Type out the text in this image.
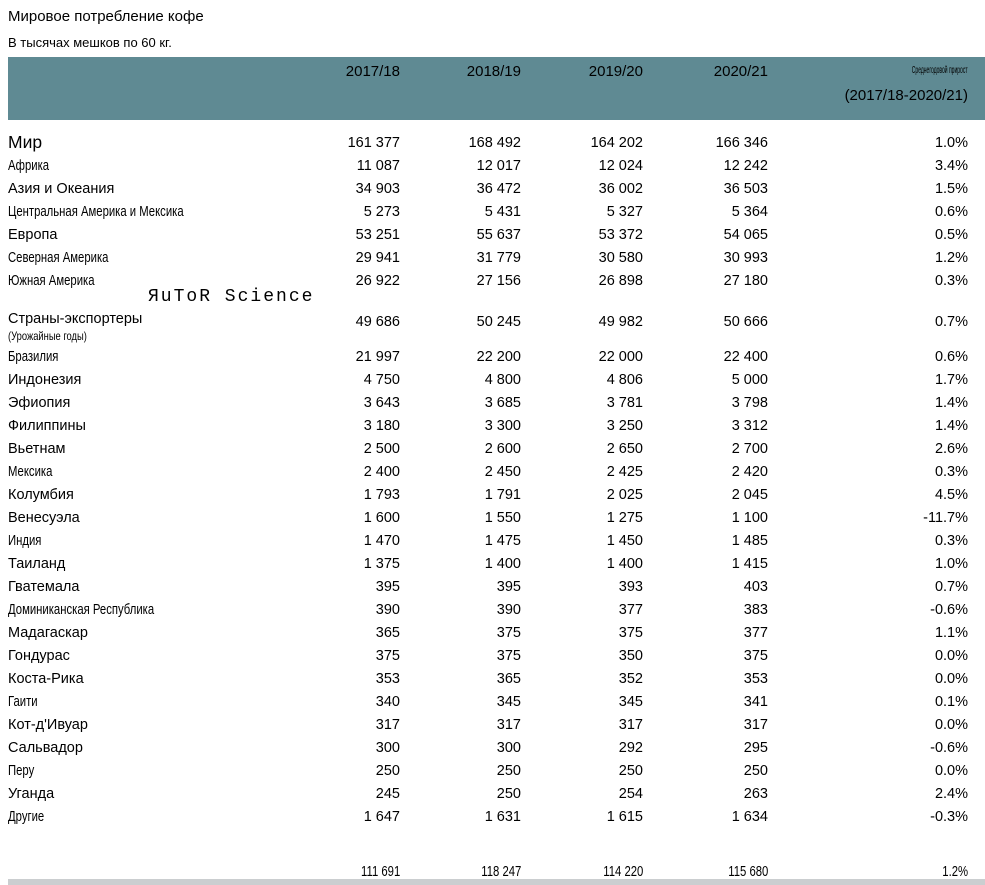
Мировое потребление кофе
В тысячах мешков по 60 кг.
2017/18	2018/19	2019/20	2020/21	Среднегодовой прирост
(2017/18-2020/21)
ЯuToR Science
Мир	161 377	168 492	164 202	166 346	1.0%
Африка	11 087	12 017	12 024	12 242	3.4%
Азия и Океания	34 903	36 472	36 002	36 503	1.5%
Центральная Америка и Мексика	5 273	5 431	5 327	5 364	0.6%
Европа	53 251	55 637	53 372	54 065	0.5%
Северная Америка	29 941	31 779	30 580	30 993	1.2%
Южная Америка	26 922	27 156	26 898	27 180	0.3%
Страны-экспортеры
(Урожайные годы)
49 686	50 245	49 982	50 666	0.7%
Бразилия	21 997	22 200	22 000	22 400	0.6%
Индонезия	4 750	4 800	4 806	5 000	1.7%
Эфиопия	3 643	3 685	3 781	3 798	1.4%
Филиппины	3 180	3 300	3 250	3 312	1.4%
Вьетнам	2 500	2 600	2 650	2 700	2.6%
Мексика	2 400	2 450	2 425	2 420	0.3%
Колумбия	1 793	1 791	2 025	2 045	4.5%
Венесуэла	1 600	1 550	1 275	1 100	-11.7%
Индия	1 470	1 475	1 450	1 485	0.3%
Таиланд	1 375	1 400	1 400	1 415	1.0%
Гватемала	395	395	393	403	0.7%
Доминиканская Республика	390	390	377	383	-0.6%
Мадагаскар	365	375	375	377	1.1%
Гондурас	375	375	350	375	0.0%
Коста-Рика	353	365	352	353	0.0%
Гаити	340	345	345	341	0.1%
Кот-д'Ивуар	317	317	317	317	0.0%
Сальвадор	300	300	292	295	-0.6%
Перу	250	250	250	250	0.0%
Уганда	245	250	254	263	2.4%
Другие	1 647	1 631	1 615	1 634	-0.3%
111 691	118 247	114 220	115 680	1.2%
